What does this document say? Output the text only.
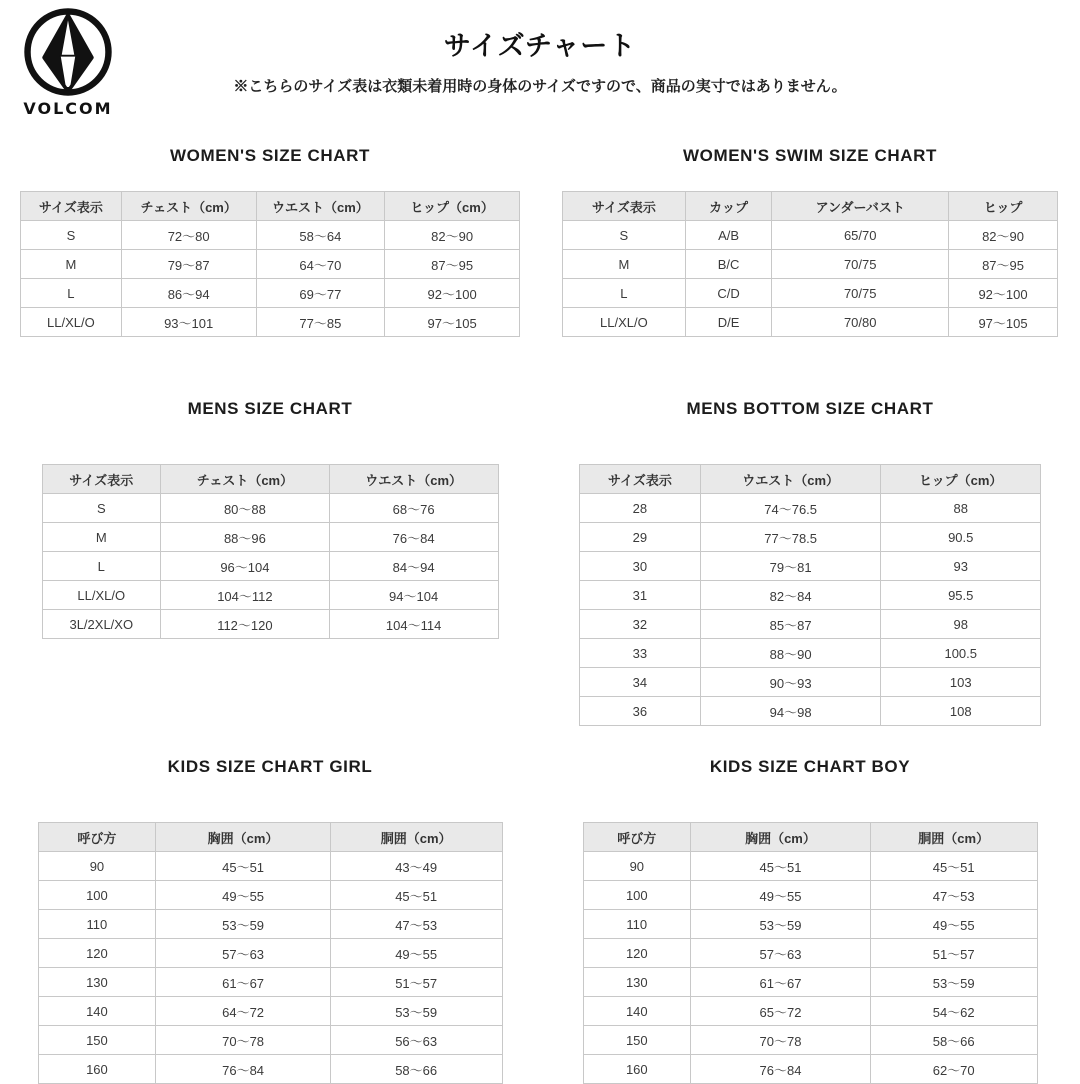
VOLCOM
サイズチャート

※こちらのサイズ表は衣類未着用時の身体のサイズですので、商品の実寸ではありません。

WOMEN'S SIZE CHART
サイズ表示	チェスト（cm）	ウエスト（cm）	ヒップ（cm）
S	72〜80	58〜64	82〜90
M	79〜87	64〜70	87〜95
L	86〜94	69〜77	92〜100
LL/XL/O	93〜101	77〜85	97〜105
WOMEN'S SWIM SIZE CHART
サイズ表示	カップ	アンダーバスト	ヒップ
S	A/B	65/70	82〜90
M	B/C	70/75	87〜95
L	C/D	70/75	92〜100
LL/XL/O	D/E	70/80	97〜105
MENS SIZE CHART
サイズ表示	チェスト（cm）	ウエスト（cm）
S	80〜88	68〜76
M	88〜96	76〜84
L	96〜104	84〜94
LL/XL/O	104〜112	94〜104
3L/2XL/XO	112〜120	104〜114
MENS BOTTOM SIZE CHART
サイズ表示	ウエスト（cm）	ヒップ（cm）
28	74〜76.5	88
29	77〜78.5	90.5
30	79〜81	93
31	82〜84	95.5
32	85〜87	98
33	88〜90	100.5
34	90〜93	103
36	94〜98	108
KIDS SIZE CHART GIRL
呼び方	胸囲（cm）	胴囲（cm）
90	45〜51	43〜49
100	49〜55	45〜51
110	53〜59	47〜53
120	57〜63	49〜55
130	61〜67	51〜57
140	64〜72	53〜59
150	70〜78	56〜63
160	76〜84	58〜66
KIDS SIZE CHART BOY
呼び方	胸囲（cm）	胴囲（cm）
90	45〜51	45〜51
100	49〜55	47〜53
110	53〜59	49〜55
120	57〜63	51〜57
130	61〜67	53〜59
140	65〜72	54〜62
150	70〜78	58〜66
160	76〜84	62〜70
